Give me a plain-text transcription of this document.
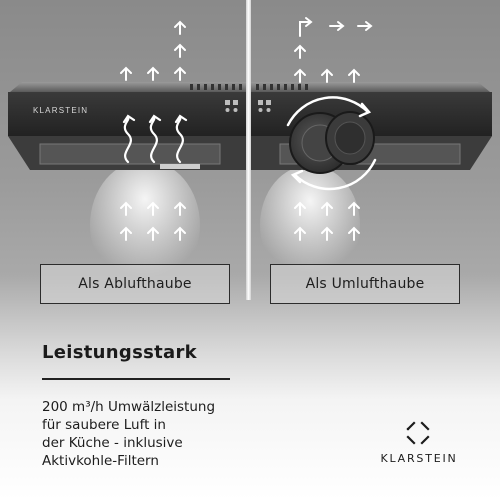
KLARSTEIN
Als Ablufthaube	Als Umlufthaube
Leistungsstark
200 m³/h Umwälzleistung
für saubere Luft in
der Küche - inklusive
Aktivkohle-Filtern	KLARSTEIN
